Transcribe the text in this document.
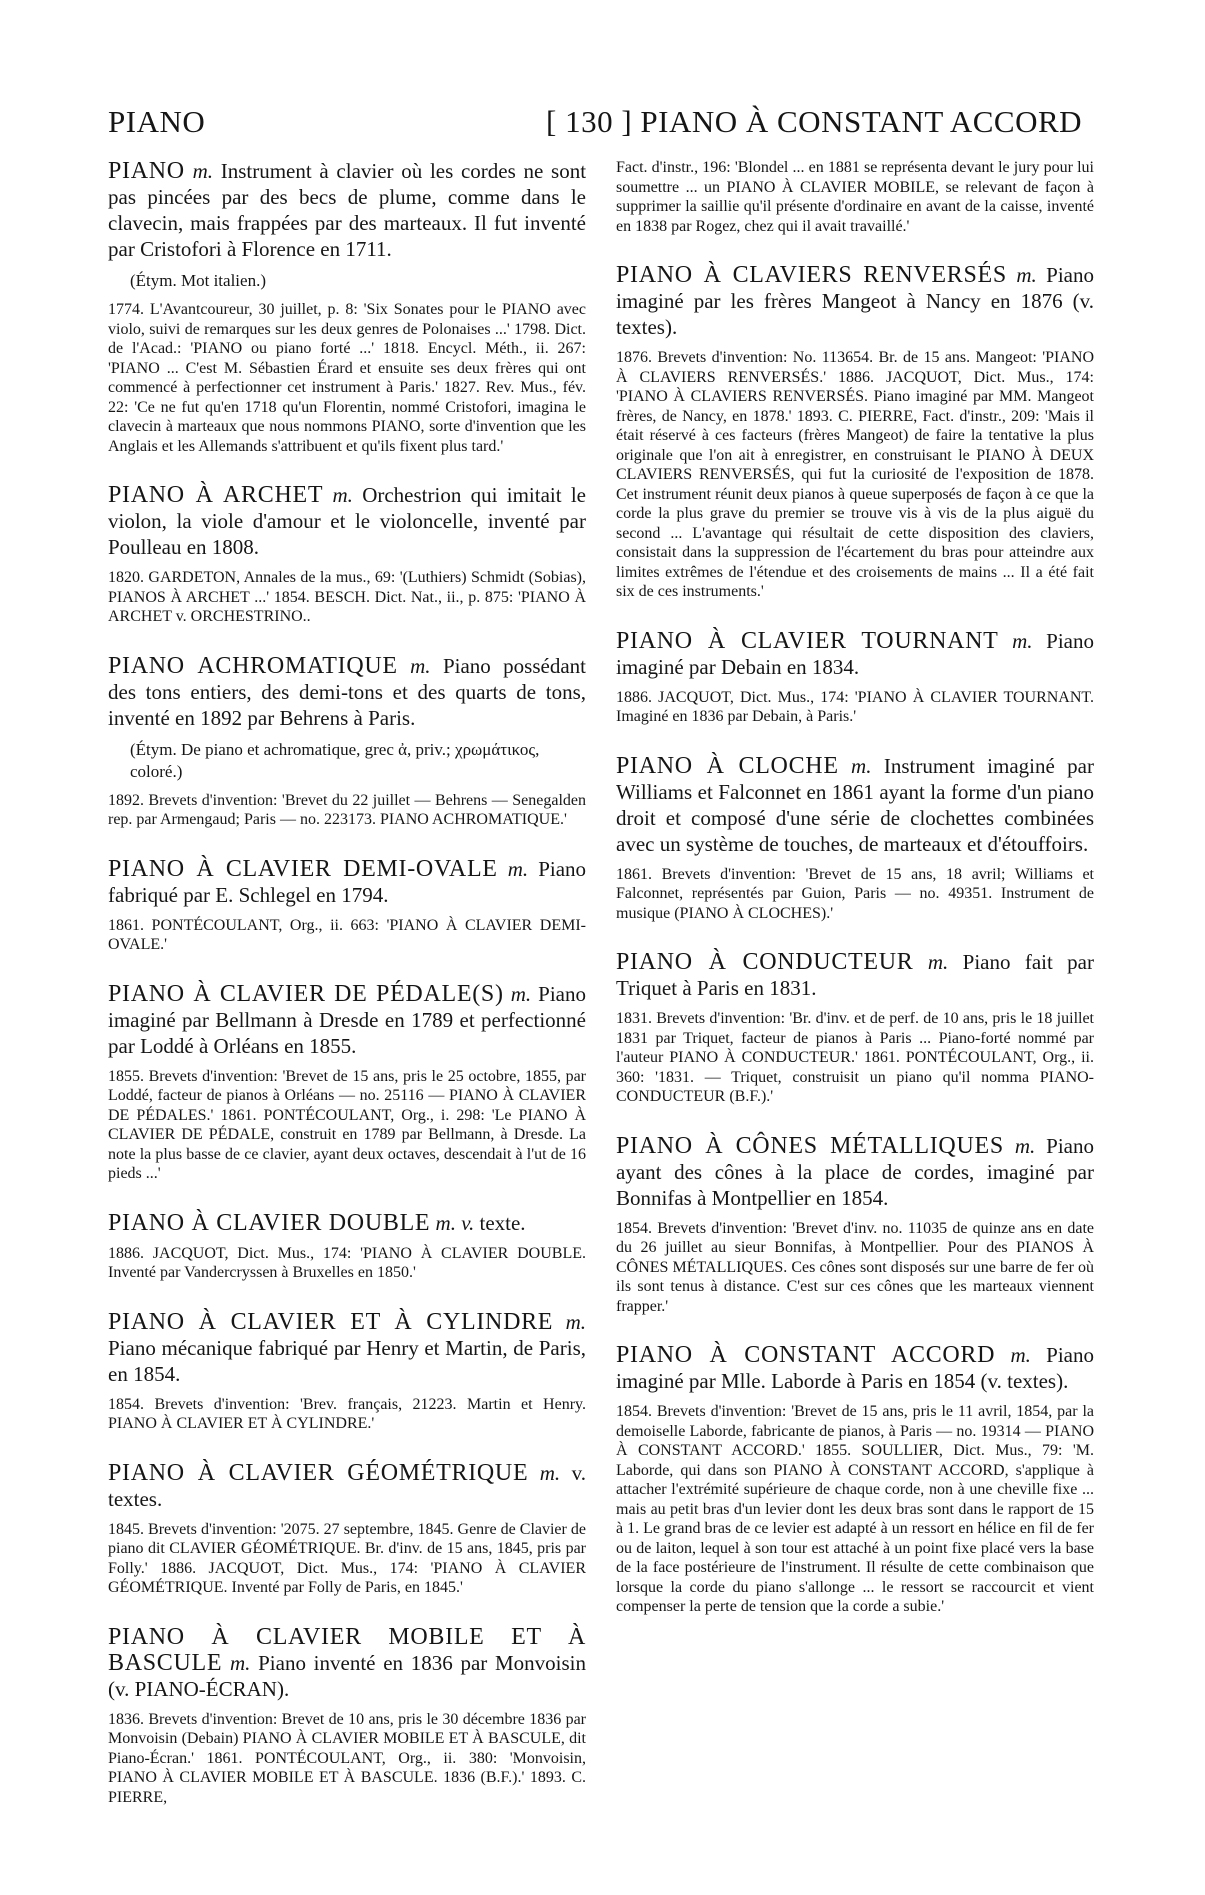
PIANO	[ 130 ] PIANO À CONSTANT ACCORD

PIANO m. Instrument à clavier où les cordes ne sont pas pincées par des becs de plume, comme dans le clavecin, mais frappées par des marteaux. Il fut inventé par Cristofori à Florence en 1711.

(Étym. Mot italien.)

1774. L'Avantcoureur, 30 juillet, p. 8: 'Six Sonates pour le PIANO avec violo, suivi de remarques sur les deux genres de Polonaises ...' 1798. Dict. de l'Acad.: 'PIANO ou piano forté ...' 1818. Encycl. Méth., ii. 267: 'PIANO ... C'est M. Sébastien Érard et ensuite ses deux frères qui ont commencé à perfectionner cet instrument à Paris.' 1827. Rev. Mus., fév. 22: 'Ce ne fut qu'en 1718 qu'un Florentin, nommé Cristofori, imagina le clavecin à marteaux que nous nommons PIANO, sorte d'invention que les Anglais et les Allemands s'attribuent et qu'ils fixent plus tard.'

PIANO À ARCHET m. Orchestrion qui imitait le violon, la viole d'amour et le violoncelle, inventé par Poulleau en 1808.

1820. GARDETON, Annales de la mus., 69: '(Luthiers) Schmidt (Sobias), PIANOS À ARCHET ...' 1854. BESCH. Dict. Nat., ii., p. 875: 'PIANO À ARCHET v. ORCHESTRINO..

PIANO ACHROMATIQUE m. Piano possédant des tons entiers, des demi-tons et des quarts de tons, inventé en 1892 par Behrens à Paris.

(Étym. De piano et achromatique, grec ἀ, priv.; χρωμάτικος, coloré.)

1892. Brevets d'invention: 'Brevet du 22 juillet — Behrens — Senegalden rep. par Armengaud; Paris — no. 223173. PIANO ACHROMATIQUE.'

PIANO À CLAVIER DEMI-OVALE m. Piano fabriqué par E. Schlegel en 1794.

1861. PONTÉCOULANT, Org., ii. 663: 'PIANO À CLAVIER DEMI-OVALE.'

PIANO À CLAVIER DE PÉDALE(S) m. Piano imaginé par Bellmann à Dresde en 1789 et perfectionné par Loddé à Orléans en 1855.

1855. Brevets d'invention: 'Brevet de 15 ans, pris le 25 octobre, 1855, par Loddé, facteur de pianos à Orléans — no. 25116 — PIANO À CLAVIER DE PÉDALES.' 1861. PONTÉCOULANT, Org., i. 298: 'Le PIANO À CLAVIER DE PÉDALE, construit en 1789 par Bellmann, à Dresde. La note la plus basse de ce clavier, ayant deux octaves, descendait à l'ut de 16 pieds ...'

PIANO À CLAVIER DOUBLE m. v. texte.

1886. JACQUOT, Dict. Mus., 174: 'PIANO À CLAVIER DOUBLE. Inventé par Vandercryssen à Bruxelles en 1850.'

PIANO À CLAVIER ET À CYLINDRE m. Piano mécanique fabriqué par Henry et Martin, de Paris, en 1854.

1854. Brevets d'invention: 'Brev. français, 21223. Martin et Henry. PIANO À CLAVIER ET À CYLINDRE.'

PIANO À CLAVIER GÉOMÉTRIQUE m. v. textes.

1845. Brevets d'invention: '2075. 27 septembre, 1845. Genre de Clavier de piano dit CLAVIER GÉOMÉTRIQUE. Br. d'inv. de 15 ans, 1845, pris par Folly.' 1886. JACQUOT, Dict. Mus., 174: 'PIANO À CLAVIER GÉOMÉTRIQUE. Inventé par Folly de Paris, en 1845.'

PIANO À CLAVIER MOBILE ET À BASCULE m. Piano inventé en 1836 par Monvoisin (v. PIANO-ÉCRAN).

1836. Brevets d'invention: Brevet de 10 ans, pris le 30 décembre 1836 par Monvoisin (Debain) PIANO À CLAVIER MOBILE ET À BASCULE, dit Piano-Écran.' 1861. PONTÉCOULANT, Org., ii. 380: 'Monvoisin, PIANO À CLAVIER MOBILE ET À BASCULE. 1836 (B.F.).' 1893. C. PIERRE,

Fact. d'instr., 196: 'Blondel ... en 1881 se représenta devant le jury pour lui soumettre ... un PIANO À CLAVIER MOBILE, se relevant de façon à supprimer la saillie qu'il présente d'ordinaire en avant de la caisse, inventé en 1838 par Rogez, chez qui il avait travaillé.'

PIANO À CLAVIERS RENVERSÉS m. Piano imaginé par les frères Mangeot à Nancy en 1876 (v. textes).

1876. Brevets d'invention: No. 113654. Br. de 15 ans. Mangeot: 'PIANO À CLAVIERS RENVERSÉS.' 1886. JACQUOT, Dict. Mus., 174: 'PIANO À CLAVIERS RENVERSÉS. Piano imaginé par MM. Mangeot frères, de Nancy, en 1878.' 1893. C. PIERRE, Fact. d'instr., 209: 'Mais il était réservé à ces facteurs (frères Mangeot) de faire la tentative la plus originale que l'on ait à enregistrer, en construisant le PIANO À DEUX CLAVIERS RENVERSÉS, qui fut la curiosité de l'exposition de 1878. Cet instrument réunit deux pianos à queue superposés de façon à ce que la corde la plus grave du premier se trouve vis à vis de la plus aiguë du second ... L'avantage qui résultait de cette disposition des claviers, consistait dans la suppression de l'écartement du bras pour atteindre aux limites extrêmes de l'étendue et des croisements de mains ... Il a été fait six de ces instruments.'

PIANO À CLAVIER TOURNANT m. Piano imaginé par Debain en 1834.

1886. JACQUOT, Dict. Mus., 174: 'PIANO À CLAVIER TOURNANT. Imaginé en 1836 par Debain, à Paris.'

PIANO À CLOCHE m. Instrument imaginé par Williams et Falconnet en 1861 ayant la forme d'un piano droit et composé d'une série de clochettes combinées avec un système de touches, de marteaux et d'étouffoirs.

1861. Brevets d'invention: 'Brevet de 15 ans, 18 avril; Williams et Falconnet, représentés par Guion, Paris — no. 49351. Instrument de musique (PIANO À CLOCHES).'

PIANO À CONDUCTEUR m. Piano fait par Triquet à Paris en 1831.

1831. Brevets d'invention: 'Br. d'inv. et de perf. de 10 ans, pris le 18 juillet 1831 par Triquet, facteur de pianos à Paris ... Piano-forté nommé par l'auteur PIANO À CONDUCTEUR.' 1861. PONTÉCOULANT, Org., ii. 360: '1831. — Triquet, construisit un piano qu'il nomma PIANO-CONDUCTEUR (B.F.).'

PIANO À CÔNES MÉTALLIQUES m. Piano ayant des cônes à la place de cordes, imaginé par Bonnifas à Montpellier en 1854.

1854. Brevets d'invention: 'Brevet d'inv. no. 11035 de quinze ans en date du 26 juillet au sieur Bonnifas, à Montpellier. Pour des PIANOS À CÔNES MÉTALLIQUES. Ces cônes sont disposés sur une barre de fer où ils sont tenus à distance. C'est sur ces cônes que les marteaux viennent frapper.'

PIANO À CONSTANT ACCORD m. Piano imaginé par Mlle. Laborde à Paris en 1854 (v. textes).

1854. Brevets d'invention: 'Brevet de 15 ans, pris le 11 avril, 1854, par la demoiselle Laborde, fabricante de pianos, à Paris — no. 19314 — PIANO À CONSTANT ACCORD.' 1855. SOULLIER, Dict. Mus., 79: 'M. Laborde, qui dans son PIANO À CONSTANT ACCORD, s'applique à attacher l'extrémité supérieure de chaque corde, non à une cheville fixe ... mais au petit bras d'un levier dont les deux bras sont dans le rapport de 15 à 1. Le grand bras de ce levier est adapté à un ressort en hélice en fil de fer ou de laiton, lequel à son tour est attaché à un point fixe placé vers la base de la face postérieure de l'instrument. Il résulte de cette combinaison que lorsque la corde du piano s'allonge ... le ressort se raccourcit et vient compenser la perte de tension que la corde a subie.'
